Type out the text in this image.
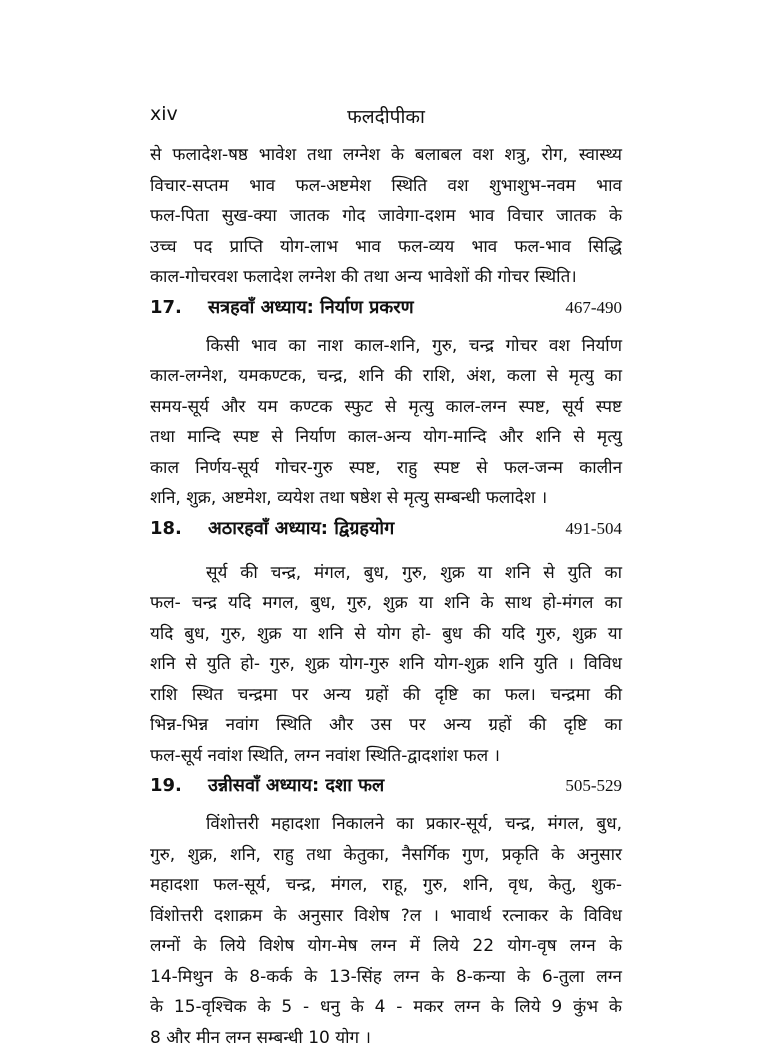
xiv	फलदीपीका

से फलादेश-षष्ठ भावेश तथा लग्नेश के बलाबल वश शत्रु, रोग, स्वास्थ्य

विचार-सप्तम भाव फल-अष्टमेश स्थिति वश शुभाशुभ-नवम भाव

फल-पिता सुख-क्या जातक गोद जावेगा-दशम भाव विचार जातक के

उच्च पद प्राप्ति योग-लाभ भाव फल-व्यय भाव फल-भाव सिद्धि

काल-गोचरवश फलादेश लग्नेश की तथा अन्य भावेशों की गोचर स्थिति।

17.	सत्रहवाँ अध्याय: निर्याण प्रकरण	467-490

किसी भाव का नाश काल-शनि, गुरु, चन्द्र गोचर वश निर्याण

काल-लग्नेश, यमकण्टक, चन्द्र, शनि की राशि, अंश, कला से मृत्यु का

समय-सूर्य और यम कण्टक स्फुट से मृत्यु काल-लग्न स्पष्ट, सूर्य स्पष्ट

तथा मान्दि स्पष्ट से निर्याण काल-अन्य योग-मान्दि और शनि से मृत्यु

काल निर्णय-सूर्य गोचर-गुरु स्पष्ट, राहु स्पष्ट से फल-जन्म कालीन

शनि, शुक्र, अष्टमेश, व्ययेश तथा षष्ठेश से मृत्यु सम्बन्धी फलादेश ।

18.	अठारहवाँ अध्याय: द्विग्रहयोग	491-504

सूर्य की चन्द्र, मंगल, बुध, गुरु, शुक्र या शनि से युति का

फल- चन्द्र यदि मगल, बुध, गुरु, शुक्र या शनि के साथ हो-मंगल का

यदि बुध, गुरु, शुक्र या शनि से योग हो- बुध की यदि गुरु, शुक्र या

शनि से युति हो- गुरु, शुक्र योग-गुरु शनि योग-शुक्र शनि युति । विविध

राशि स्थित चन्द्रमा पर अन्य ग्रहों की दृष्टि का फल। चन्द्रमा की

भिन्न-भिन्न नवांग स्थिति और उस पर अन्य ग्रहों की दृष्टि का

फल-सूर्य नवांश स्थिति, लग्न नवांश स्थिति-द्वादशांश फल ।

19.	उन्नीसवाँ अध्याय: दशा फल	505-529

विंशोत्तरी महादशा निकालने का प्रकार-सूर्य, चन्द्र, मंगल, बुध,

गुरु, शुक्र, शनि, राहु तथा केतुका, नैसर्गिक गुण, प्रकृति के अनुसार

महादशा फल-सूर्य, चन्द्र, मंगल, राहू, गुरु, शनि, वृध, केतु, शुक-

विंशोत्तरी दशाक्रम के अनुसार विशेष ?ल । भावार्थ रत्नाकर के विविध

लग्नों के लिये विशेष योग-मेष लग्न में लिये 22 योग-वृष लग्न के

14-मिथुन के 8-कर्क के 13-सिंह लग्न के 8-कन्या के 6-तुला लग्न

के 15-वृश्चिक के 5 - धनु के 4 - मकर लग्न के लिये 9 कुंभ के

8 और मीन लग्न सम्बन्धी 10 योग ।
